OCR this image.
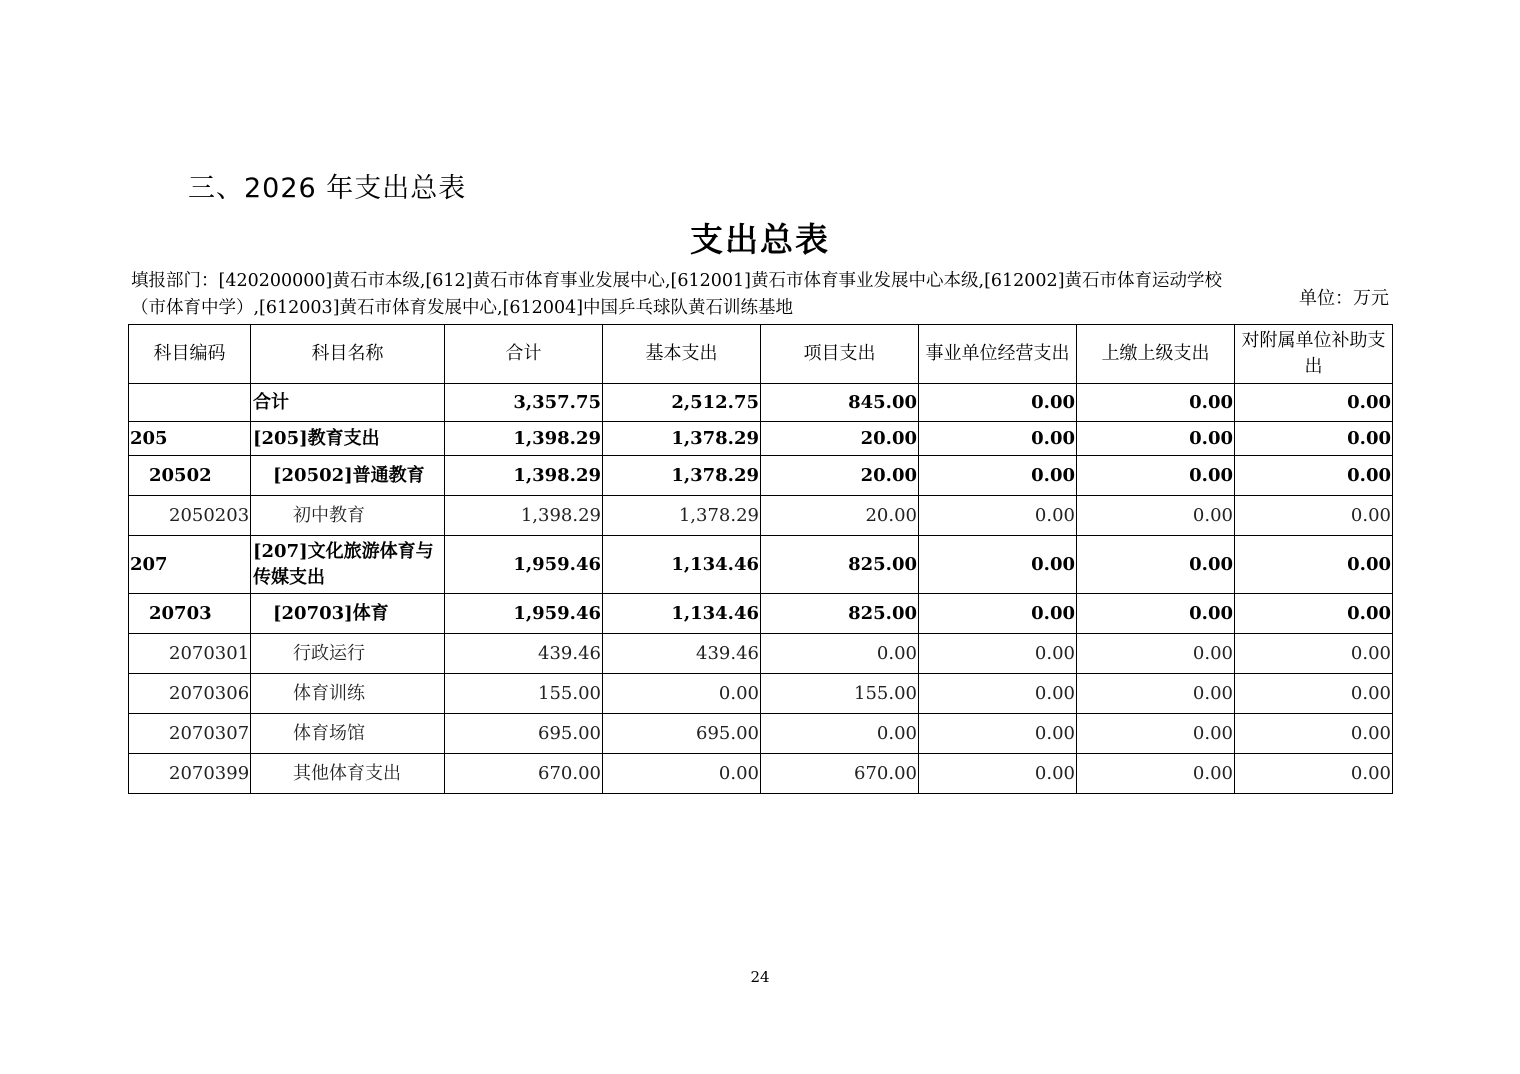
三、2026 年支出总表
支出总表
填报部门：[420200000]黄石市本级,[612]黄石市体育事业发展中心,[612001]黄石市体育事业发展中心本级,[612002]黄石市体育运动学校（市体育中学）,[612003]黄石市体育发展中心,[612004]中国乒乓球队黄石训练基地	单位：万元
科目编码	科目名称	合计	基本支出	项目支出	事业单位经营支出	上缴上级支出	对附属单位补助支出
	合计	3,357.75	2,512.75	845.00	0.00	0.00	0.00
205	[205]教育支出	1,398.29	1,378.29	20.00	0.00	0.00	0.00
20502	[20502]普通教育	1,398.29	1,378.29	20.00	0.00	0.00	0.00
2050203	初中教育	1,398.29	1,378.29	20.00	0.00	0.00	0.00
207	[207]文化旅游体育与传媒支出	1,959.46	1,134.46	825.00	0.00	0.00	0.00
20703	[20703]体育	1,959.46	1,134.46	825.00	0.00	0.00	0.00
2070301	行政运行	439.46	439.46	0.00	0.00	0.00	0.00
2070306	体育训练	155.00	0.00	155.00	0.00	0.00	0.00
2070307	体育场馆	695.00	695.00	0.00	0.00	0.00	0.00
2070399	其他体育支出	670.00	0.00	670.00	0.00	0.00	0.00
24
